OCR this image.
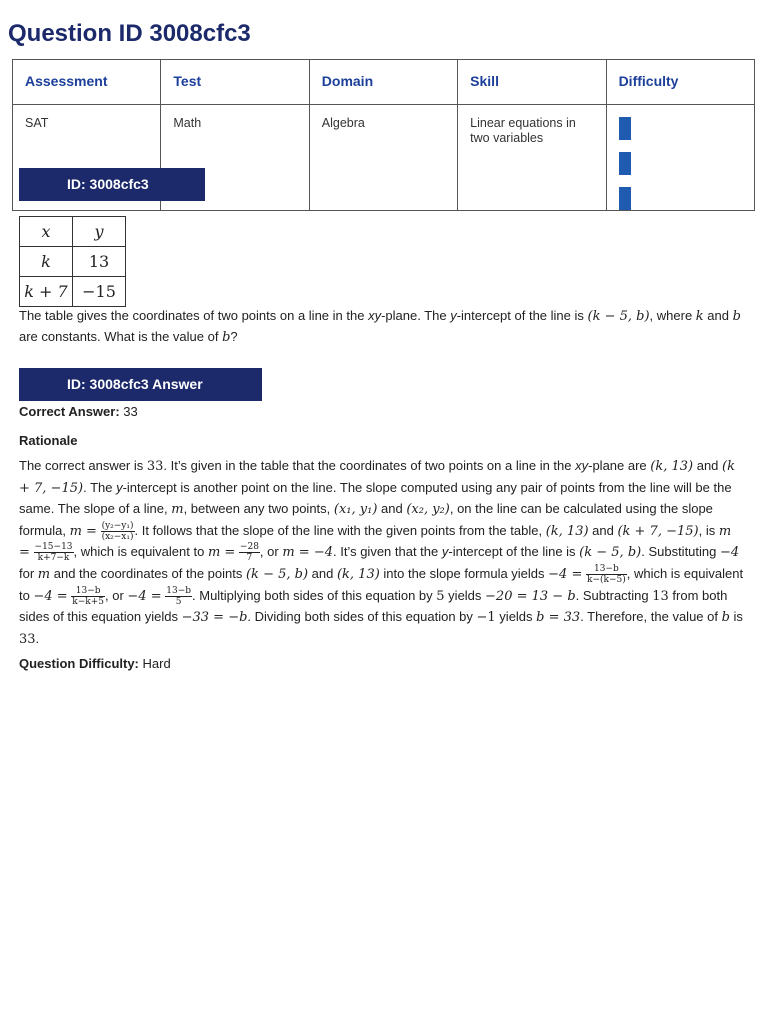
Question ID 3008cfc3
Assessment	Test	Domain	Skill	Difficulty

SAT	Math	Algebra	Linear equations in two variables	

ID: 3008cfc3
x	y
k	13
k + 7	−15
The table gives the coordinates of two points on a line in the xy-plane. The y-intercept of the line is (k − 5, b), where k and b are constants. What is the value of b?
ID: 3008cfc3 Answer
Correct Answer: 33
Rationale
The correct answer is 33. It’s given in the table that the coordinates of two points on a line in the xy-plane are (k, 13) and (k + 7, −15). The y-intercept is another point on the line. The slope computed using any pair of points from the line will be the same. The slope of a line, m, between any two points, (x₁, y₁) and (x₂, y₂), on the line can be calculated using the slope formula, $m = \frac{\text{(y₂−y₁)}}{\text{(x₂−x₁)}}$ . It follows that the slope of the line with the given points from the table, (k, 13) and (k + 7, −15), is $m = \frac{-15-13}{k+7-k}$ , which is equivalent to $m = \frac{-28}{7}$ , or m = −4. It’s given that the y-intercept of the line is (k − 5, b). Substituting −4 for m and the coordinates of the points (k − 5, b) and (k, 13) into the slope formula yields $-4 = \frac{13-b}{k-(k-5)}$ , which is equivalent to $-4 = \frac{13-b}{k-k+5}$ , or $-4 = \frac{13-b}{5}$ . Multiplying both sides of this equation by 5 yields −20 = 13 − b. Subtracting 13 from both sides of this equation yields −33 = −b. Dividing both sides of this equation by −1 yields b = 33. Therefore, the value of b is 33.
Question Difficulty: Hard
